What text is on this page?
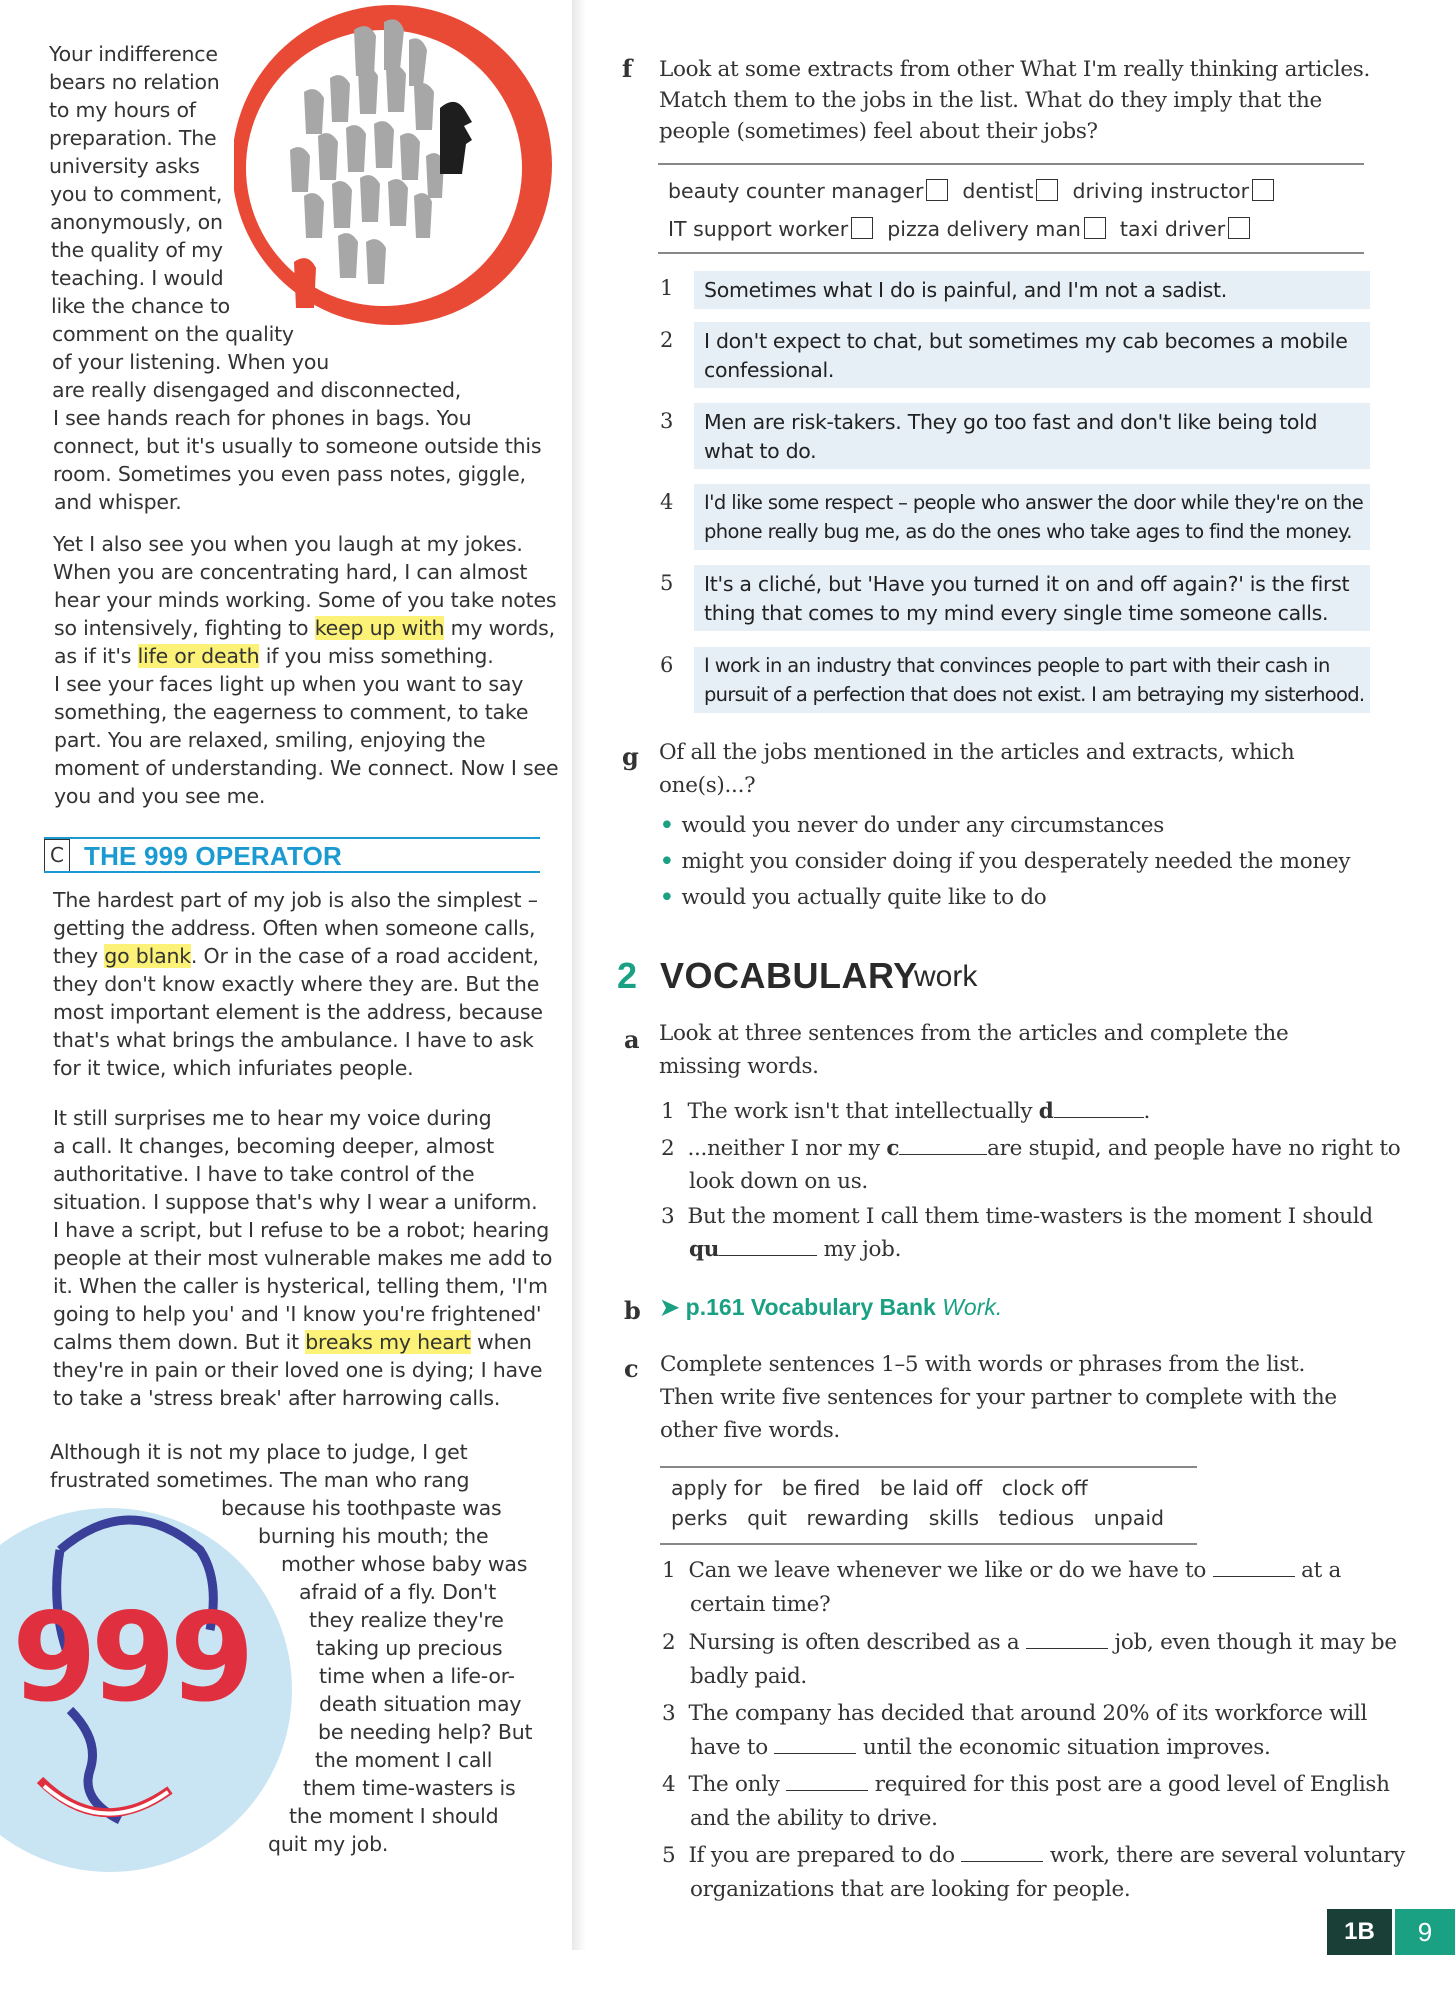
Your indifference
bears no relation
to my hours of
preparation. The
university asks
you to comment,
anonymously, on
the quality of my
teaching. I would
like the chance to
comment on the quality
of your listening. When you
are really disengaged and disconnected,
I see hands reach for phones in bags. You
connect, but it's usually to someone outside this
room. Sometimes you even pass notes, giggle,
and whisper.
Yet I also see you when you laugh at my jokes.
When you are concentrating hard, I can almost
hear your minds working. Some of you take notes
so intensively, fighting to keep up with my words,
as if it's life or death if you miss something.
I see your faces light up when you want to say
something, the eagerness to comment, to take
part. You are relaxed, smiling, enjoying the
moment of understanding. We connect. Now I see
you and you see me.
C THE 999 OPERATOR
The hardest part of my job is also the simplest –
getting the address. Often when someone calls,
they go blank. Or in the case of a road accident,
they don't know exactly where they are. But the
most important element is the address, because
that's what brings the ambulance. I have to ask
for it twice, which infuriates people.
It still surprises me to hear my voice during
a call. It changes, becoming deeper, almost
authoritative. I have to take control of the
situation. I suppose that's why I wear a uniform.
I have a script, but I refuse to be a robot; hearing
people at their most vulnerable makes me add to
it. When the caller is hysterical, telling them, 'I'm
going to help you' and 'I know you're frightened'
calms them down. But it breaks my heart when
they're in pain or their loved one is dying; I have
to take a 'stress break' after harrowing calls.
999
Although it is not my place to judge, I get
frustrated sometimes. The man who rang
because his toothpaste was
burning his mouth; the
mother whose baby was
afraid of a fly. Don't
they realize they're
taking up precious
time when a life-or-
death situation may
be needing help? But
the moment I call
them time-wasters is
the moment I should
quit my job.
f Look at some extracts from other What I'm really thinking articles.
Match them to the jobs in the list. What do they imply that the
people (sometimes) feel about their jobs?
beauty counter manager dentist driving instructor
IT support worker pizza delivery man taxi driver
1 Sometimes what I do is painful, and I'm not a sadist.
2 I don't expect to chat, but sometimes my cab becomes a mobile
confessional.
3 Men are risk-takers. They go too fast and don't like being told
what to do.
4 I'd like some respect – people who answer the door while they're on the
phone really bug me, as do the ones who take ages to find the money.
5 It's a cliché, but 'Have you turned it on and off again?' is the first
thing that comes to my mind every single time someone calls.
6 I work in an industry that convinces people to part with their cash in
pursuit of a perfection that does not exist. I am betraying my sisterhood.
g Of all the jobs mentioned in the articles and extracts, which
one(s)...?
• would you never do under any circumstances
• might you consider doing if you desperately needed the money
• would you actually quite like to do
2 VOCABULARY
work
a Look at three sentences from the articles and complete the
missing words.
1 The work isn't that intellectually d	.
2 ...neither I nor my c	are stupid, and people have no right to
look down on us.
3 But the moment I call them time-wasters is the moment I should
qu	my job.
b ➤ p.161 Vocabulary Bank Work.
c Complete sentences 1–5 with words or phrases from the list.
Then write five sentences for your partner to complete with the
other five words.
apply for be fired be laid off clock off
perks quit rewarding skills tedious unpaid
1 Can we leave whenever we like or do we have to	at a
certain time?
2 Nursing is often described as a	job, even though it may be
badly paid.
3 The company has decided that around 20% of its workforce will
have to	until the economic situation improves.
4 The only	required for this post are a good level of English
and the ability to drive.
5 If you are prepared to do	work, there are several voluntary
organizations that are looking for people.
1B	9
